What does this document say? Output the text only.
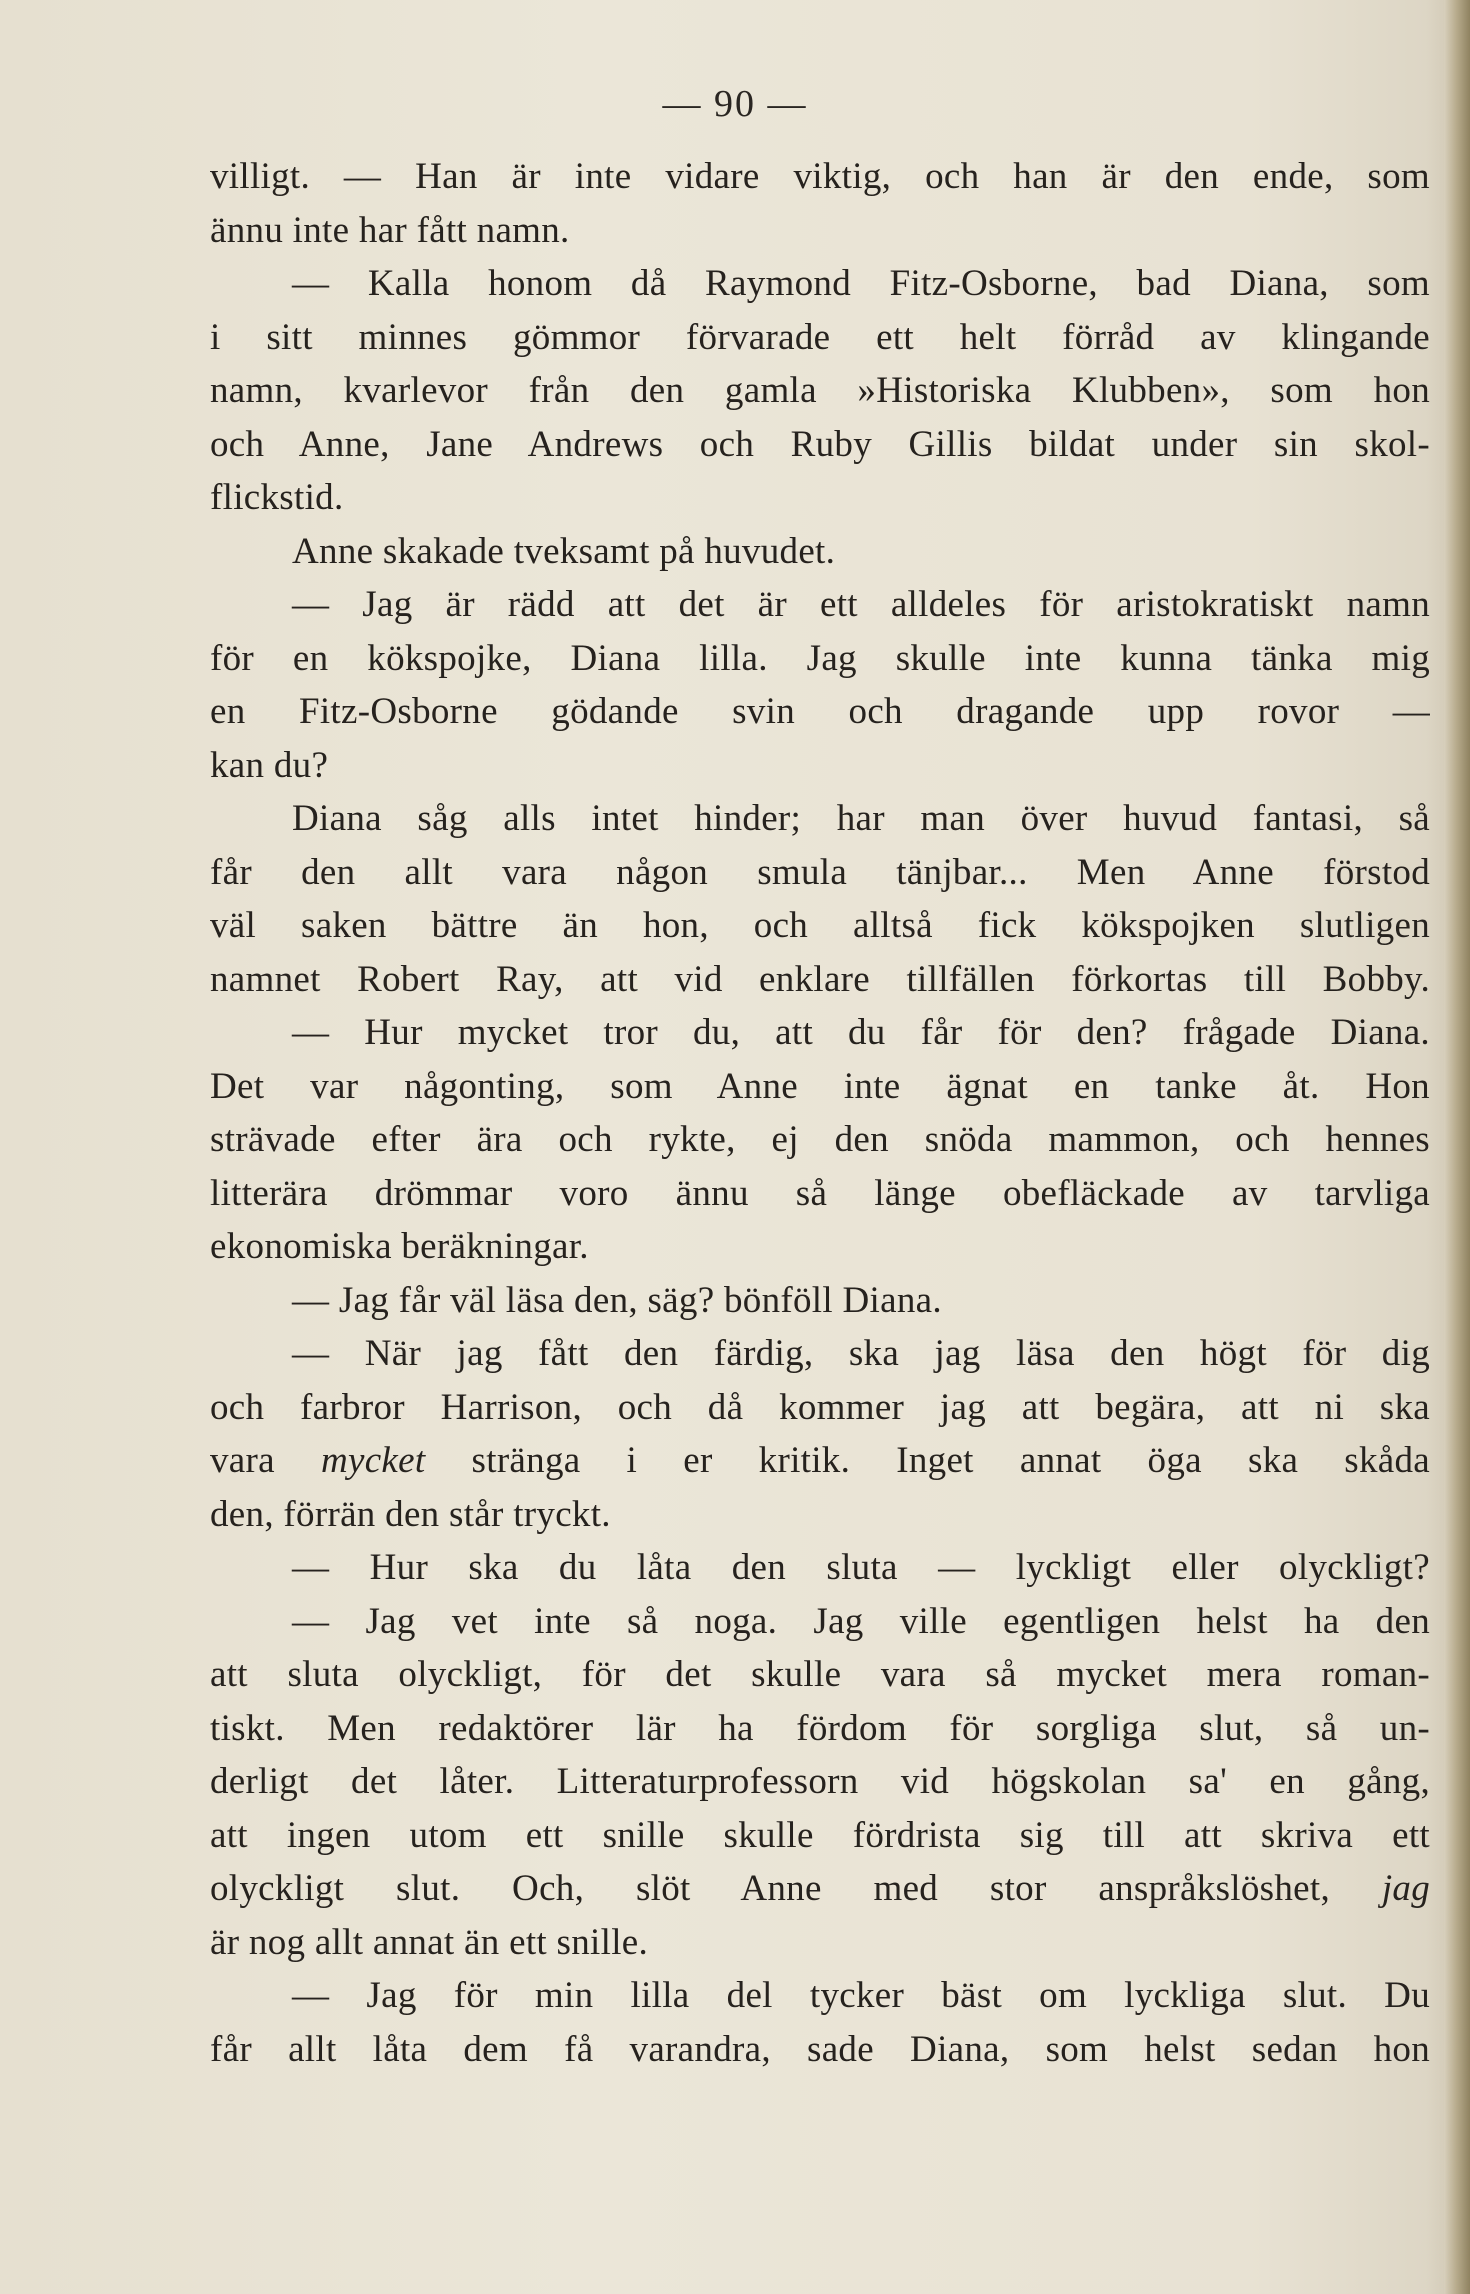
— 90 —
villigt. — Han är inte vidare viktig, och han är den ende, som
ännu inte har fått namn.
— Kalla honom då Raymond Fitz-Osborne, bad Diana, som
i sitt minnes gömmor förvarade ett helt förråd av klingande
namn, kvarlevor från den gamla »Historiska Klubben», som hon
och Anne, Jane Andrews och Ruby Gillis bildat under sin skol-
flickstid.
Anne skakade tveksamt på huvudet.
— Jag är rädd att det är ett alldeles för aristokratiskt namn
för en kökspojke, Diana lilla. Jag skulle inte kunna tänka mig
en Fitz-Osborne gödande svin och dragande upp rovor —
kan du?
Diana såg alls intet hinder; har man över huvud fantasi, så
får den allt vara någon smula tänjbar... Men Anne förstod
väl saken bättre än hon, och alltså fick kökspojken slutligen
namnet Robert Ray, att vid enklare tillfällen förkortas till Bobby.
— Hur mycket tror du, att du får för den? frågade Diana.
Det var någonting, som Anne inte ägnat en tanke åt. Hon
strävade efter ära och rykte, ej den snöda mammon, och hennes
litterära drömmar voro ännu så länge obefläckade av tarvliga
ekonomiska beräkningar.
— Jag får väl läsa den, säg? bönföll Diana.
— När jag fått den färdig, ska jag läsa den högt för dig
och farbror Harrison, och då kommer jag att begära, att ni ska
vara mycket stränga i er kritik. Inget annat öga ska skåda
den, förrän den står tryckt.
— Hur ska du låta den sluta — lyckligt eller olyckligt?
— Jag vet inte så noga. Jag ville egentligen helst ha den
att sluta olyckligt, för det skulle vara så mycket mera roman-
tiskt. Men redaktörer lär ha fördom för sorgliga slut, så un-
derligt det låter. Litteraturprofessorn vid högskolan sa' en gång,
att ingen utom ett snille skulle fördrista sig till att skriva ett
olyckligt slut. Och, slöt Anne med stor anspråkslöshet, jag
är nog allt annat än ett snille.
— Jag för min lilla del tycker bäst om lyckliga slut. Du
får allt låta dem få varandra, sade Diana, som helst sedan hon
